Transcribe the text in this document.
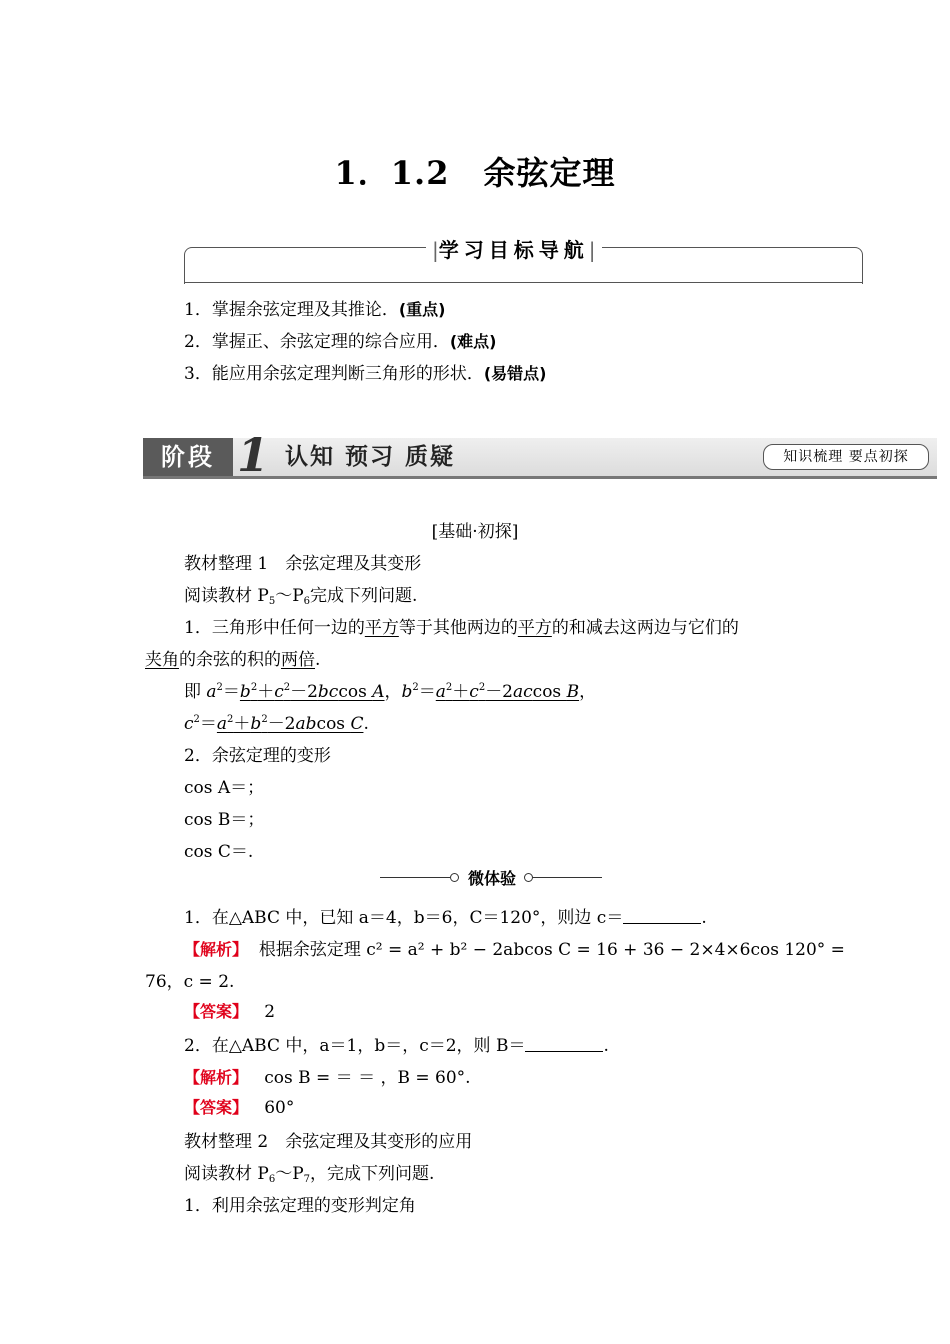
1．1.2 余弦定理
| 学习目标导航 |
1．掌握余弦定理及其推论．(重点)
2．掌握正、余弦定理的综合应用．(难点)
3．能应用余弦定理判断三角形的形状．(易错点)
阶段 1 认知 预习 质疑	知识梳理 要点初探
[基础·初探]
教材整理 1　余弦定理及其变形
阅读教材 $P_5\sim P_6$完成下列问题.
1．三角形中任何一边的平方等于其他两边的平方的和减去这两边与它们的
夹角的余弦的积的两倍.
即 $a^2=b^2+c^2-2bccos$ A，$b^2=a^2+c^2-2accos$ B，
$c^2=a^2+b^2-2abcos$ C.
2．余弦定理的变形
cos A＝；
cos B＝；
cos C＝.
微体验
1．在△ABC 中，已知 a＝4，b＝6，C＝120°，则边 c＝	.
【解析】 根据余弦定理 c² = a² + b² − 2abcos C = 16 + 36 − 2×4×6cos 120° =
76，c = 2.
【答案】 2
2．在△ABC 中，a＝1，b＝，c＝2，则 B＝	.
【解析】 cos B = ＝ ＝ ，B = 60°.
【答案】 60°
教材整理 2　余弦定理及其变形的应用
阅读教材 $P_6\sim P_7$，完成下列问题.
1．利用余弦定理的变形判定角
